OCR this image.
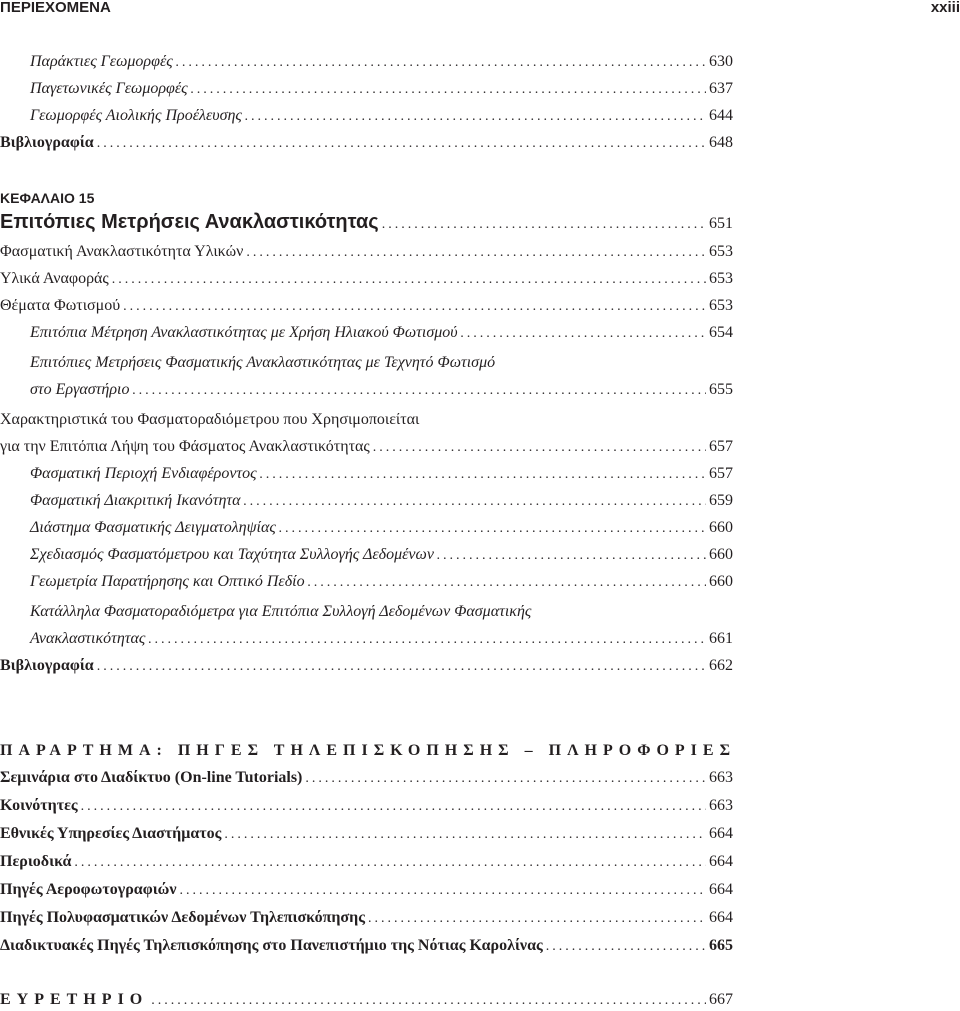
ΠΕΡΙΕΧΟΜΕΝΑ	xxiii
Παράκτιες Γεωμορφές .....	630
Παγετωνικές Γεωμορφές .....	637
Γεωμορφές Αιολικής Προέλευσης .....	644
Βιβλιογραφία .....	648
ΚΕΦΑΛΑΙΟ 15
Επιτόπιες Μετρήσεις Ανακλαστικότητας .....	651
Φασματική Ανακλαστικότητα Υλικών .....	653
Υλικά Αναφοράς .....	653
Θέματα Φωτισμού .....	653
Επιτόπια Μέτρηση Ανακλαστικότητας με Χρήση Ηλιακού Φωτισμού .....	654
Επιτόπιες Μετρήσεις Φασματικής Ανακλαστικότητας με Τεχνητό Φωτισμό
στο Εργαστήριο .....	655
Χαρακτηριστικά του Φασματοραδιόμετρου που Χρησιμοποιείται
για την Επιτόπια Λήψη του Φάσματος Ανακλαστικότητας .....	657
Φασματική Περιοχή Ενδιαφέροντος .....	657
Φασματική Διακριτική Ικανότητα .....	659
Διάστημα Φασματικής Δειγματοληψίας .....	660
Σχεδιασμός Φασματόμετρου και Ταχύτητα Συλλογής Δεδομένων .....	660
Γεωμετρία Παρατήρησης και Οπτικό Πεδίο .....	660
Κατάλληλα Φασματοραδιόμετρα για Επιτόπια Συλλογή Δεδομένων Φασματικής
Ανακλαστικότητας .....	661
Βιβλιογραφία .....	662
ΠΑΡΑΡΤΗΜΑ: ΠΗΓΕΣ ΤΗΛΕΠΙΣΚΟΠΗΣΗΣ – ΠΛΗΡΟΦΟΡΙΕΣ
Σεμινάρια στο Διαδίκτυο (On-line Tutorials) .....	663
Κοινότητες .....	663
Εθνικές Υπηρεσίες Διαστήματος .....	664
Περιοδικά .....	664
Πηγές Αεροφωτογραφιών .....	664
Πηγές Πολυφασματικών Δεδομένων Τηλεπισκόπησης .....	664
Διαδικτυακές Πηγές Τηλεπισκόπησης στο Πανεπιστήμιο της Νότιας Καρολίνας .....	665
ΕΥΡΕΤΗΡΙΟ .....	667
